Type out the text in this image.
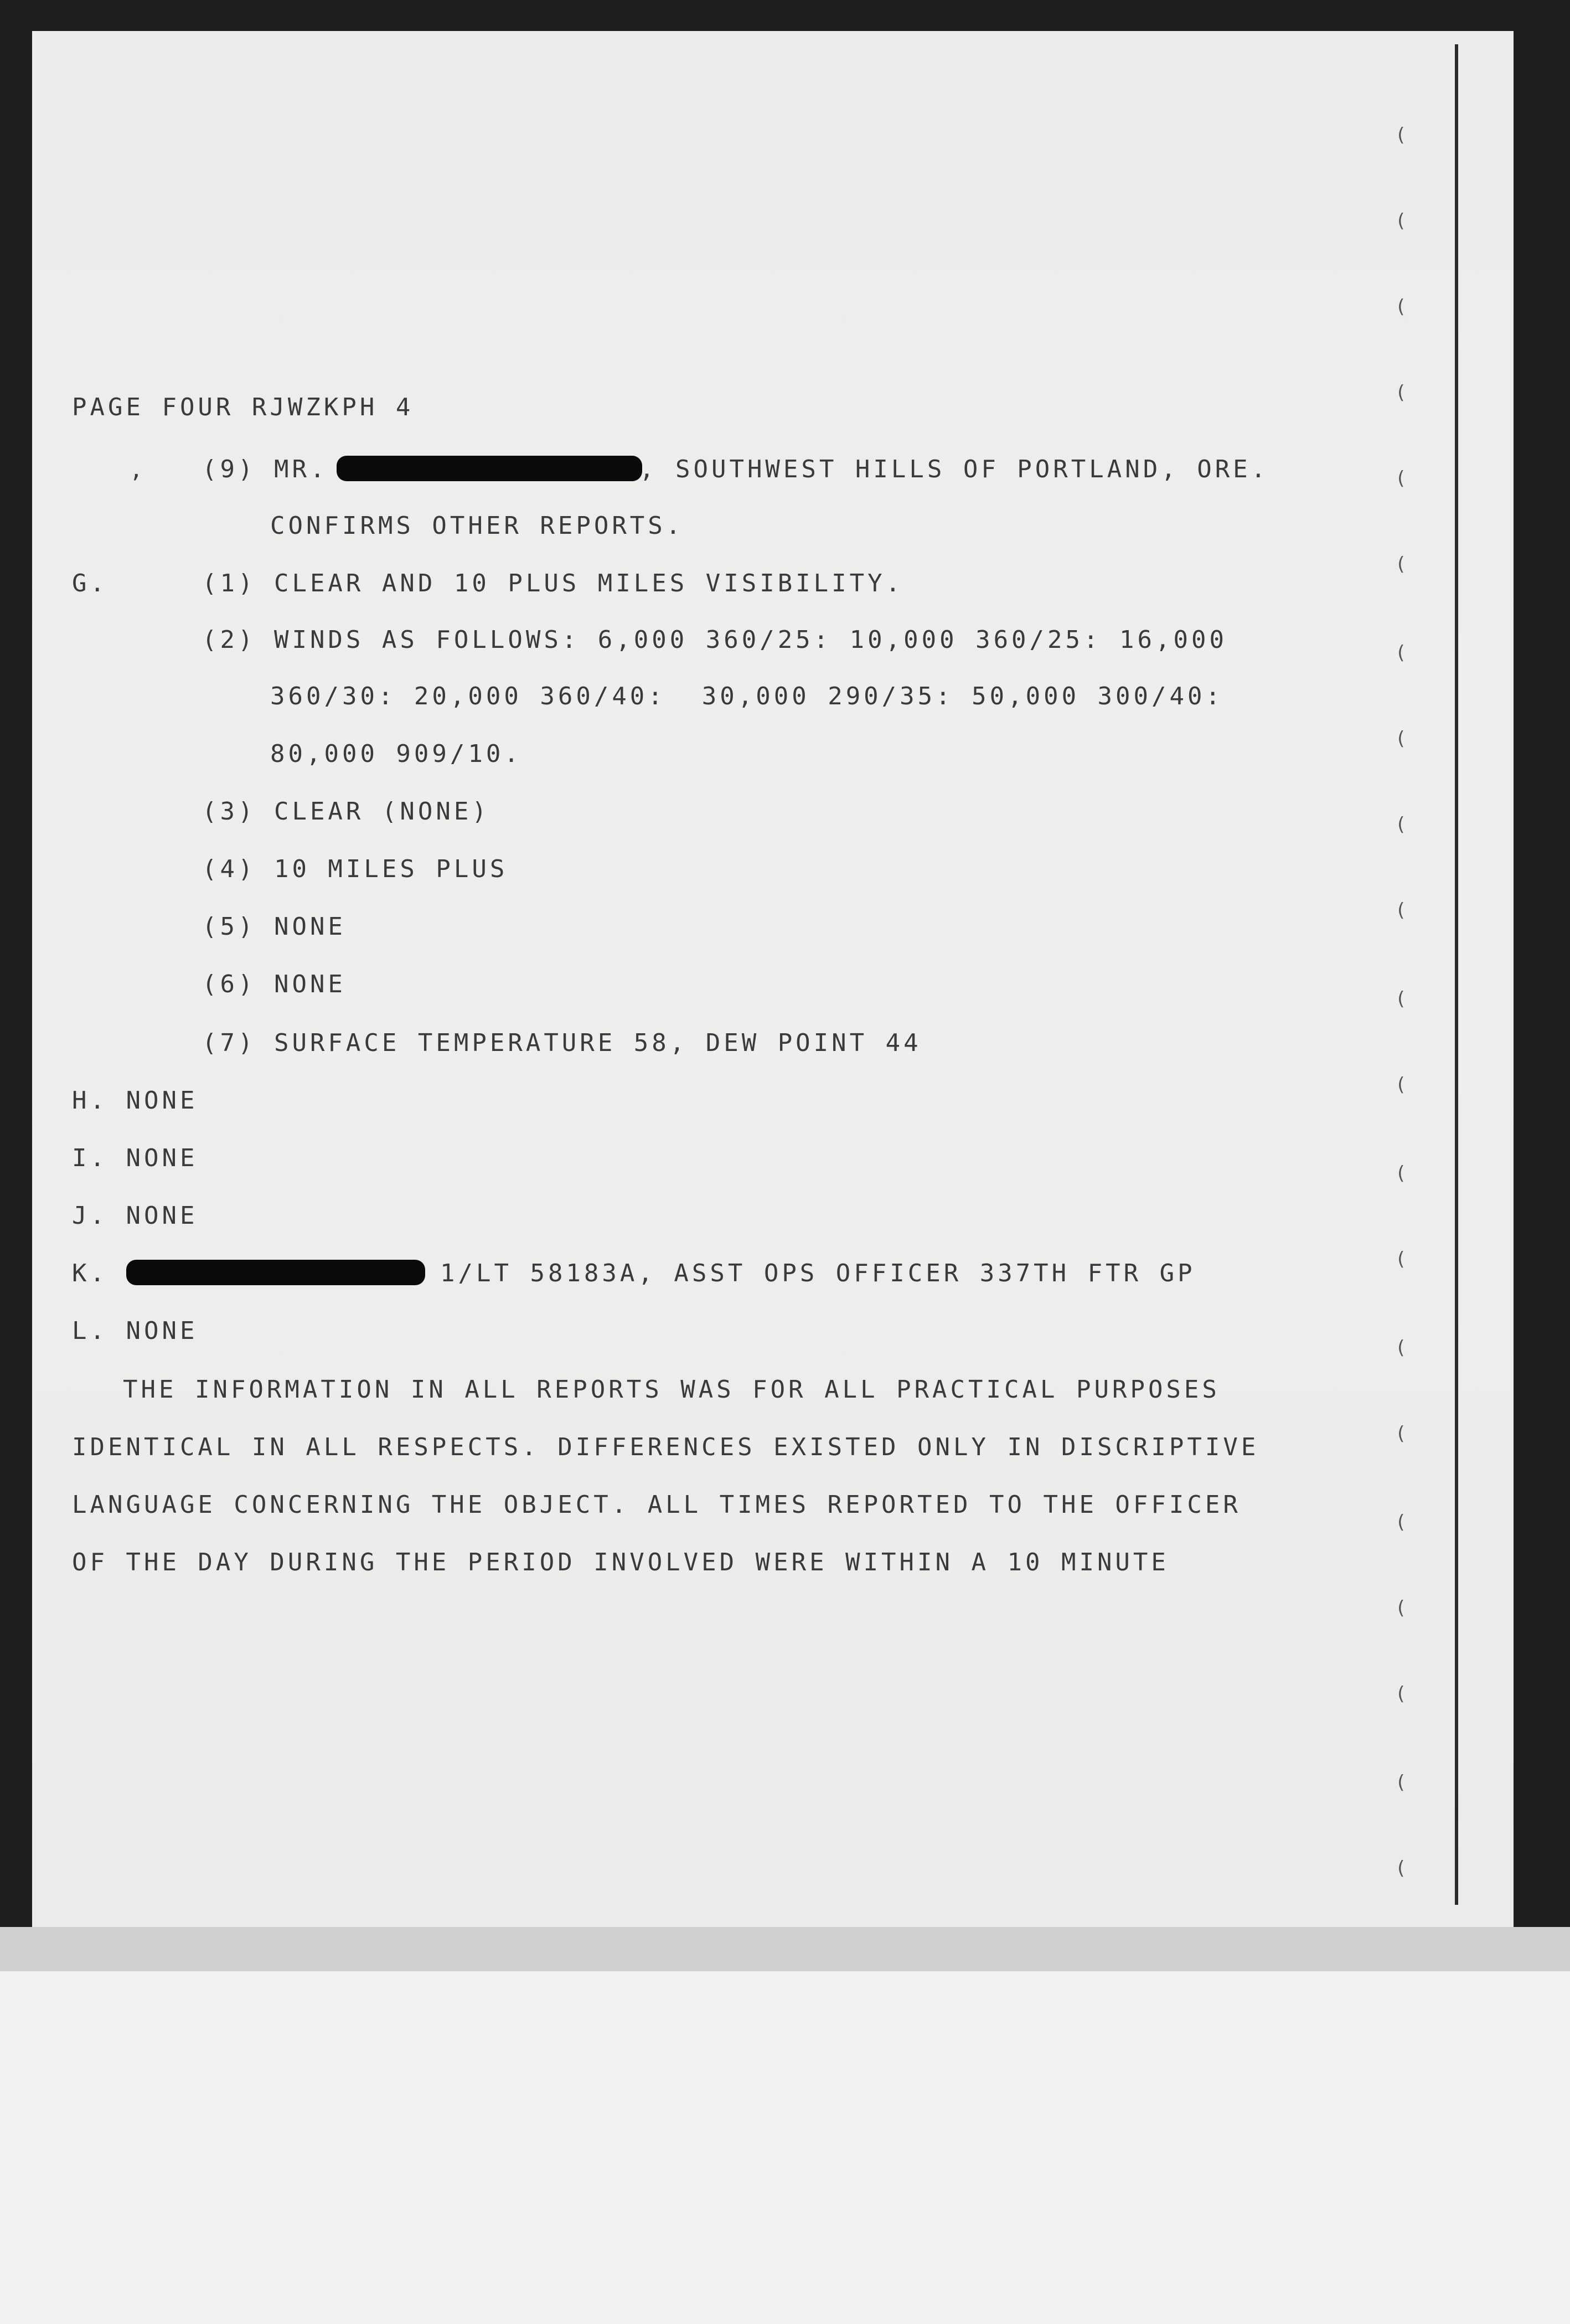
(
(
(
(
(
(
(
(
(
(
(
(
(
(
(
(
(
(
(
(
(
PAGE FOUR RJWZKPH 4
, (9) MR.	, SOUTHWEST HILLS OF PORTLAND, ORE.
CONFIRMS OTHER REPORTS.
G.	(1) CLEAR AND 10 PLUS MILES VISIBILITY.
(2) WINDS AS FOLLOWS: 6,000 360/25: 10,000 360/25: 16,000
360/30: 20,000 360/40:  30,000 290/35: 50,000 300/40:
80,000 909/10.
(3) CLEAR (NONE)
(4) 10 MILES PLUS
(5) NONE
(6) NONE
(7) SURFACE TEMPERATURE 58, DEW POINT 44
H. NONE
I. NONE
J. NONE
K.	1/LT 58183A, ASST OPS OFFICER 337TH FTR GP
L. NONE
THE INFORMATION IN ALL REPORTS WAS FOR ALL PRACTICAL PURPOSES
IDENTICAL IN ALL RESPECTS. DIFFERENCES EXISTED ONLY IN DISCRIPTIVE
LANGUAGE CONCERNING THE OBJECT. ALL TIMES REPORTED TO THE OFFICER
OF THE DAY DURING THE PERIOD INVOLVED WERE WITHIN A 10 MINUTE
